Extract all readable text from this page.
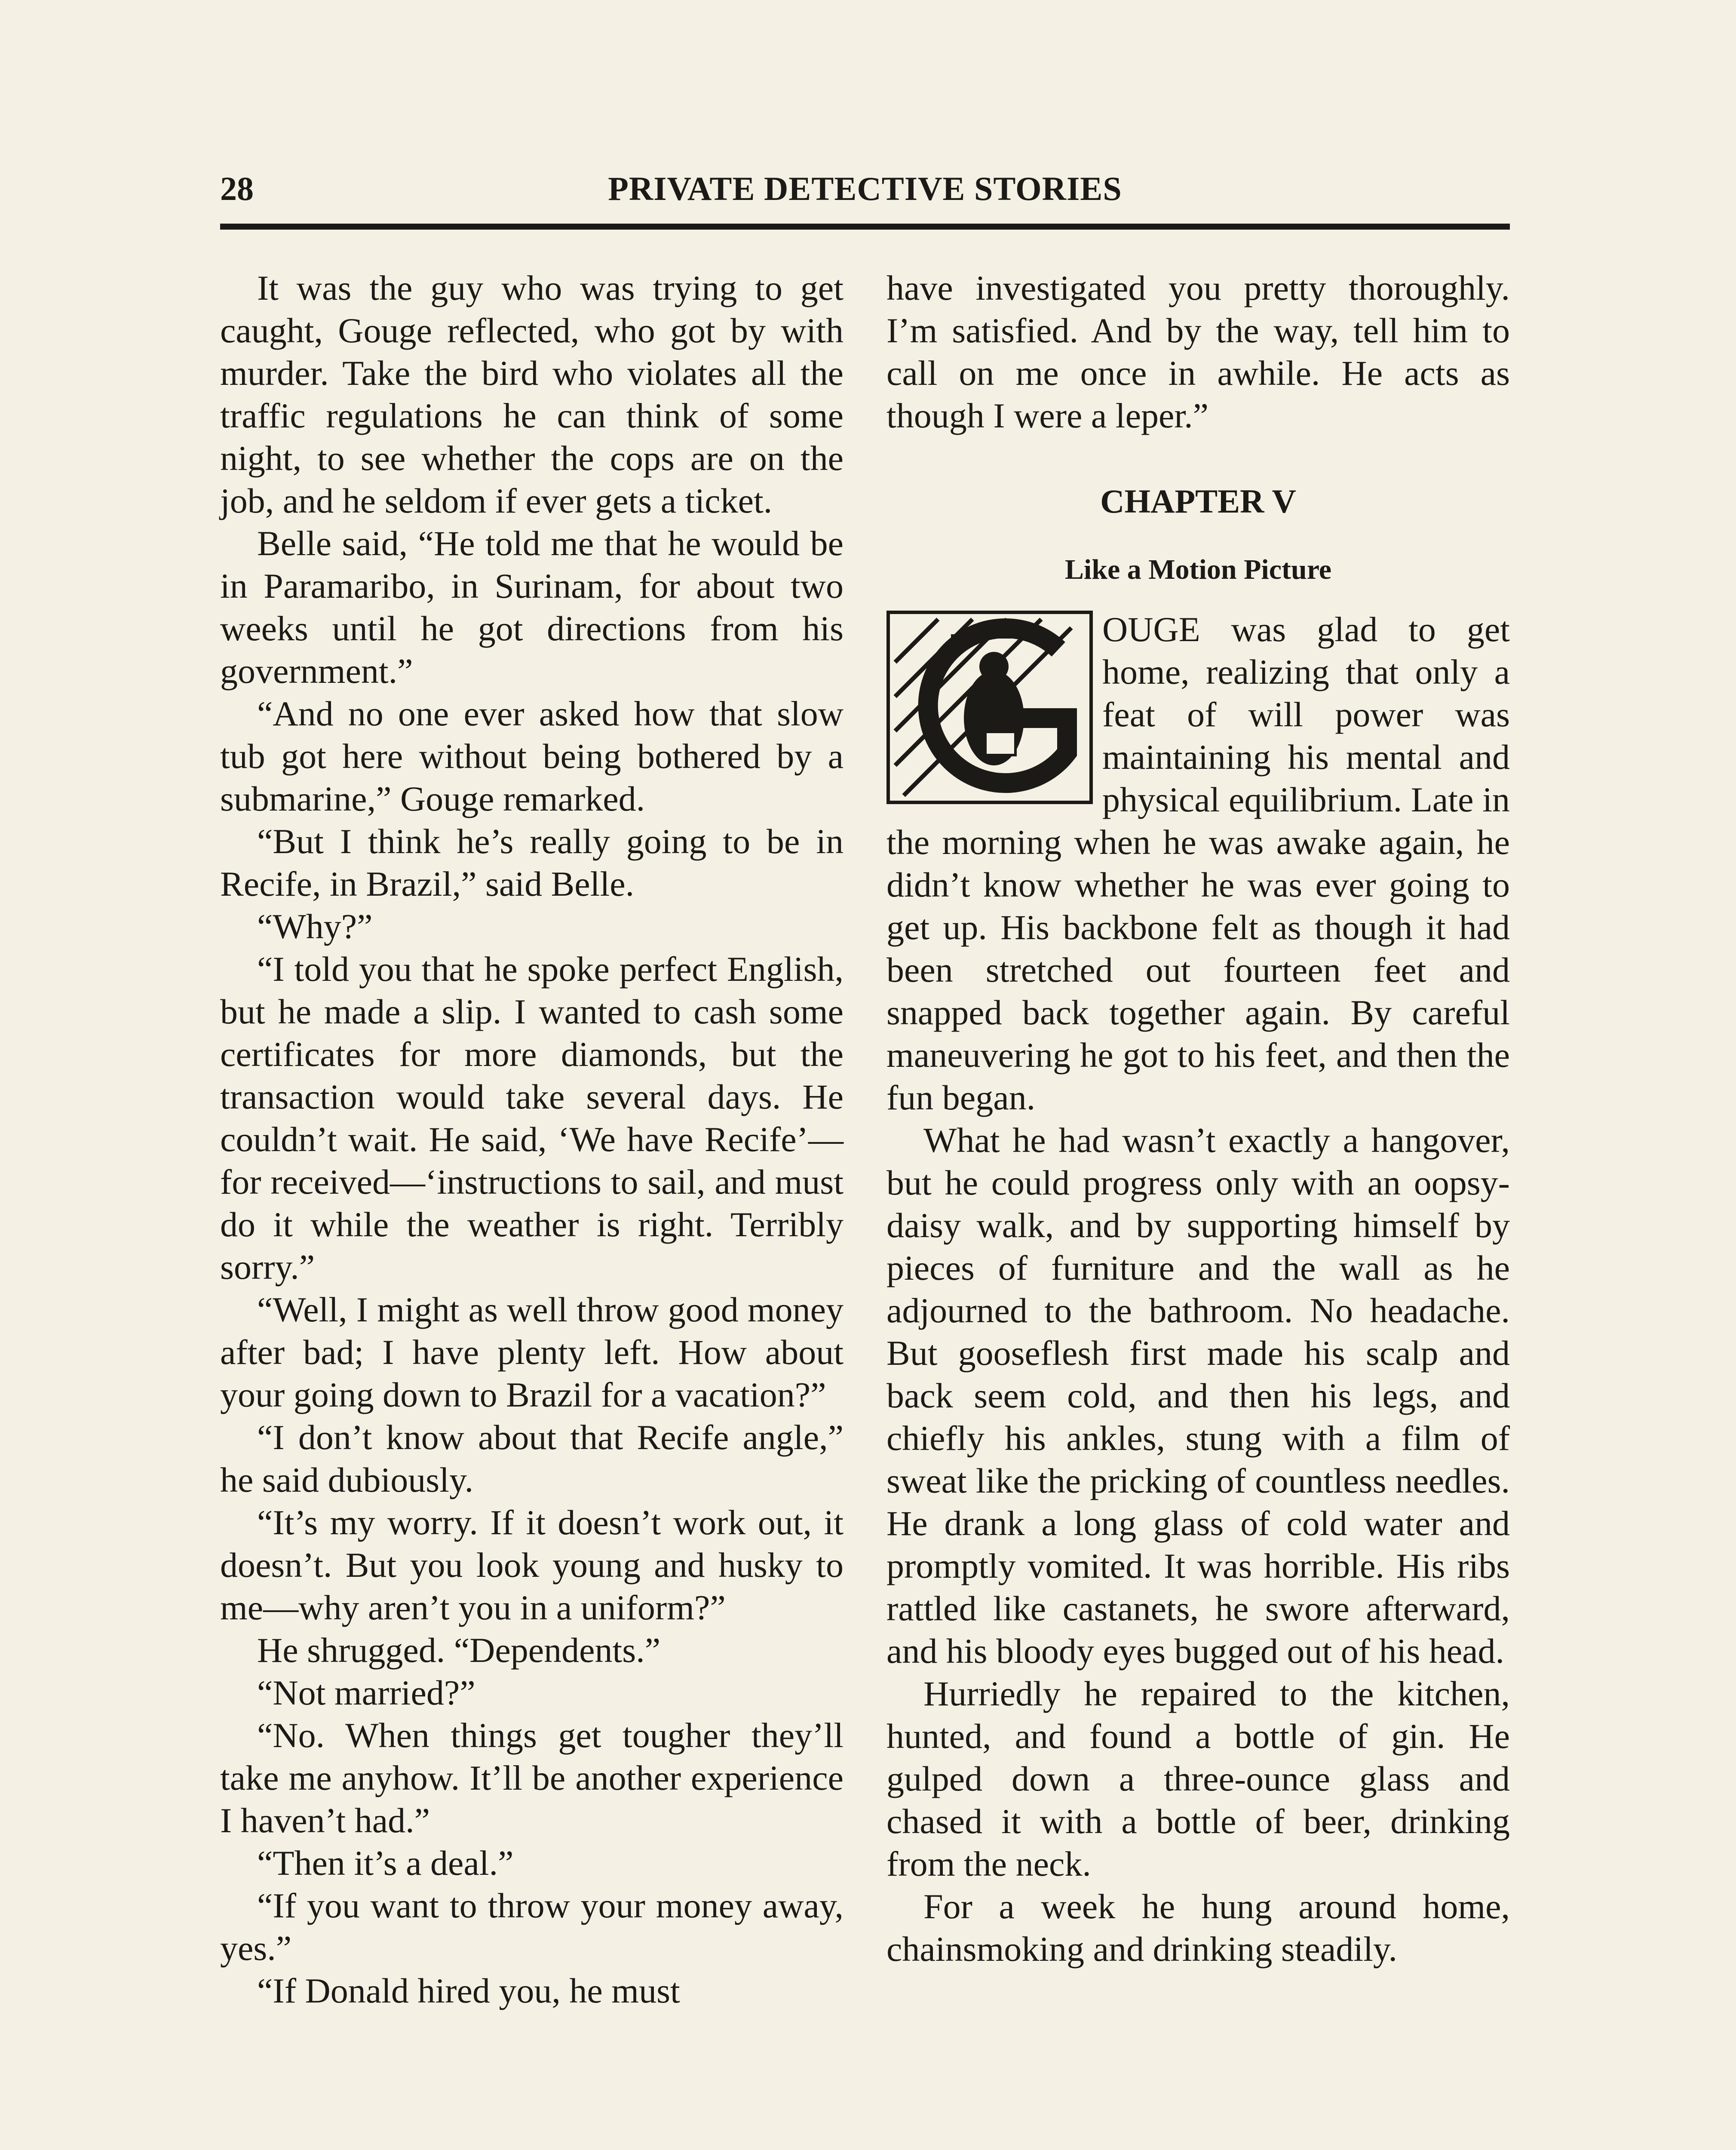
28	PRIVATE DETECTIVE STORIES

It was the guy who was trying to get caught, Gouge reflected, who got by with murder. Take the bird who violates all the traffic regulations he can think of some night, to see whether the cops are on the job, and he seldom if ever gets a ticket.

Belle said, “He told me that he would be in Paramaribo, in Surinam, for about two weeks until he got directions from his government.”

“And no one ever asked how that slow tub got here without being bothered by a submarine,” Gouge remarked.

“But I think he’s really going to be in Recife, in Brazil,” said Belle.

“Why?”

“I told you that he spoke perfect English, but he made a slip. I wanted to cash some certificates for more diamonds, but the transaction would take several days. He couldn’t wait. He said, ‘We have Recife’—for received—‘instructions to sail, and must do it while the weather is right. Terribly sorry.”

“Well, I might as well throw good money after bad; I have plenty left. How about your going down to Brazil for a vacation?”

“I don’t know about that Recife angle,” he said dubiously.

“It’s my worry. If it doesn’t work out, it doesn’t. But you look young and husky to me—why aren’t you in a uniform?”

He shrugged. “Dependents.”

“Not married?”

“No. When things get tougher they’ll take me anyhow. It’ll be another experience I haven’t had.”

“Then it’s a deal.”

“If you want to throw your money away, yes.”

“If Donald hired you, he must

have investigated you pretty thoroughly. I’m satisfied. And by the way, tell him to call on me once in awhile. He acts as though I were a leper.”

CHAPTER V
Like a Motion Picture

OUGE was glad to get home, realizing that only a feat of will power was maintaining his mental and physical equilibrium. Late in the morning when he was awake again, he didn’t know whether he was ever going to get up. His backbone felt as though it had been stretched out fourteen feet and snapped back together again. By careful maneuvering he got to his feet, and then the fun began.

What he had wasn’t exactly a hangover, but he could progress only with an oopsy-daisy walk, and by supporting himself by pieces of furniture and the wall as he adjourned to the bathroom. No headache. But gooseflesh first made his scalp and back seem cold, and then his legs, and chiefly his ankles, stung with a film of sweat like the pricking of countless needles. He drank a long glass of cold water and promptly vomited. It was horrible. His ribs rattled like castanets, he swore afterward, and his bloody eyes bugged out of his head.

Hurriedly he repaired to the kitchen, hunted, and found a bottle of gin. He gulped down a three-ounce glass and chased it with a bottle of beer, drinking from the neck.

For a week he hung around home, chainsmoking and drinking steadily.
